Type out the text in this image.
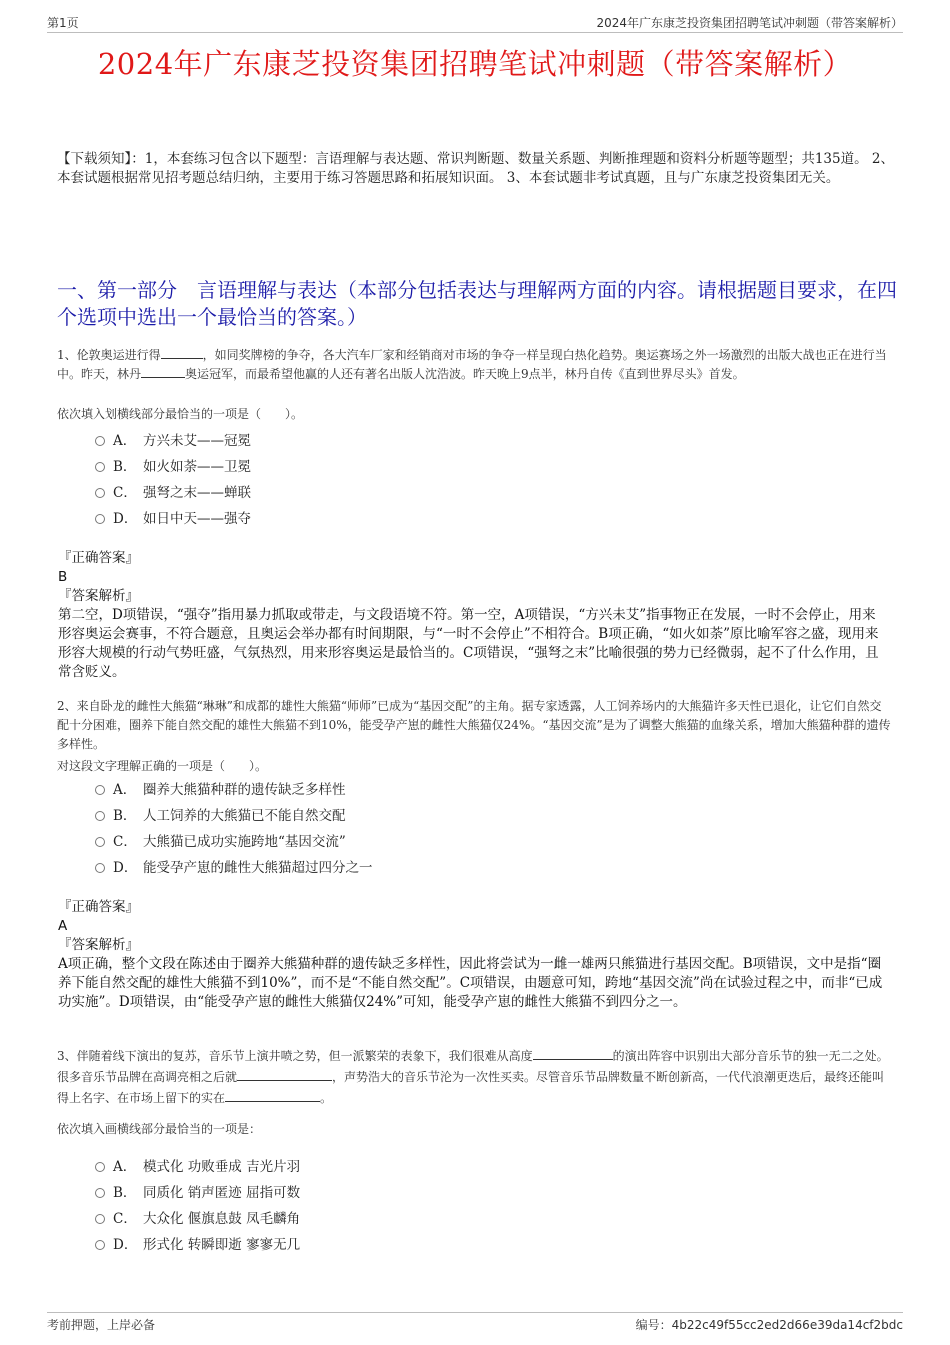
第1页	2024年广东康芝投资集团招聘笔试冲刺题（带答案解析）
2024年广东康芝投资集团招聘笔试冲刺题（带答案解析）
【下载须知】：1，本套练习包含以下题型：言语理解与表达题、常识判断题、数量关系题、判断推理题和资料分析题等题型；共135道。 2、本套试题根据常见招考题总结归纳，主要用于练习答题思路和拓展知识面。 3、本套试题非考试真题，且与广东康芝投资集团无关。
一、第一部分　言语理解与表达（本部分包括表达与理解两方面的内容。请根据题目要求，在四个选项中选出一个最恰当的答案。）
1、伦敦奥运进行得	，如同奖牌榜的争夺，各大汽车厂家和经销商对市场的争夺一样呈现白热化趋势。奥运赛场之外一场激烈的出版大战也正在进行当中。昨天，林丹	奥运冠军，而最希望他赢的人还有著名出版人沈浩波。昨天晚上9点半，林丹自传《直到世界尽头》首发。
依次填入划横线部分最恰当的一项是（　　）。
A． 方兴未艾——冠冕
B． 如火如荼——卫冕
C． 强弩之末——蝉联
D． 如日中天——强夺
『正确答案』
B
『答案解析』
第二空，D项错误，“强夺”指用暴力抓取或带走，与文段语境不符。第一空，A项错误，“方兴未艾”指事物正在发展，一时不会停止，用来形容奥运会赛事，不符合题意，且奥运会举办都有时间期限，与“一时不会停止”不相符合。B项正确，“如火如荼”原比喻军容之盛，现用来形容大规模的行动气势旺盛，气氛热烈，用来形容奥运是最恰当的。C项错误，“强弩之末”比喻很强的势力已经微弱，起不了什么作用，且常含贬义。
2、来自卧龙的雌性大熊猫“琳琳”和成都的雄性大熊猫“师师”已成为“基因交配”的主角。据专家透露，人工饲养场内的大熊猫许多天性已退化，让它们自然交配十分困难，圈养下能自然交配的雄性大熊猫不到10%，能受孕产崽的雌性大熊猫仅24%。“基因交流”是为了调整大熊猫的血缘关系，增加大熊猫种群的遗传多样性。
对这段文字理解正确的一项是（　　）。
A． 圈养大熊猫种群的遗传缺乏多样性
B． 人工饲养的大熊猫已不能自然交配
C． 大熊猫已成功实施跨地“基因交流”
D． 能受孕产崽的雌性大熊猫超过四分之一
『正确答案』
A
『答案解析』
A项正确，整个文段在陈述由于圈养大熊猫种群的遗传缺乏多样性，因此将尝试为一雌一雄两只熊猫进行基因交配。B项错误，文中是指“圈养下能自然交配的雄性大熊猫不到10%”，而不是“不能自然交配”。C项错误，由题意可知，跨地“基因交流”尚在试验过程之中，而非“已成功实施”。D项错误，由“能受孕产崽的雌性大熊猫仅24%”可知，能受孕产崽的雌性大熊猫不到四分之一。
3、伴随着线下演出的复苏，音乐节上演井喷之势，但一派繁荣的表象下，我们很难从高度	的演出阵容中识别出大部分音乐节的独一无二之处。很多音乐节品牌在高调亮相之后就	，声势浩大的音乐节沦为一次性买卖。尽管音乐节品牌数量不断创新高，一代代浪潮更迭后，最终还能叫得上名字、在市场上留下的实在	。
依次填入画横线部分最恰当的一项是：
A． 模式化 功败垂成 吉光片羽
B． 同质化 销声匿迹 屈指可数
C． 大众化 偃旗息鼓 凤毛麟角
D． 形式化 转瞬即逝 寥寥无几
考前押题，上岸必备	编号：4b22c49f55cc2ed2d66e39da14cf2bdc
